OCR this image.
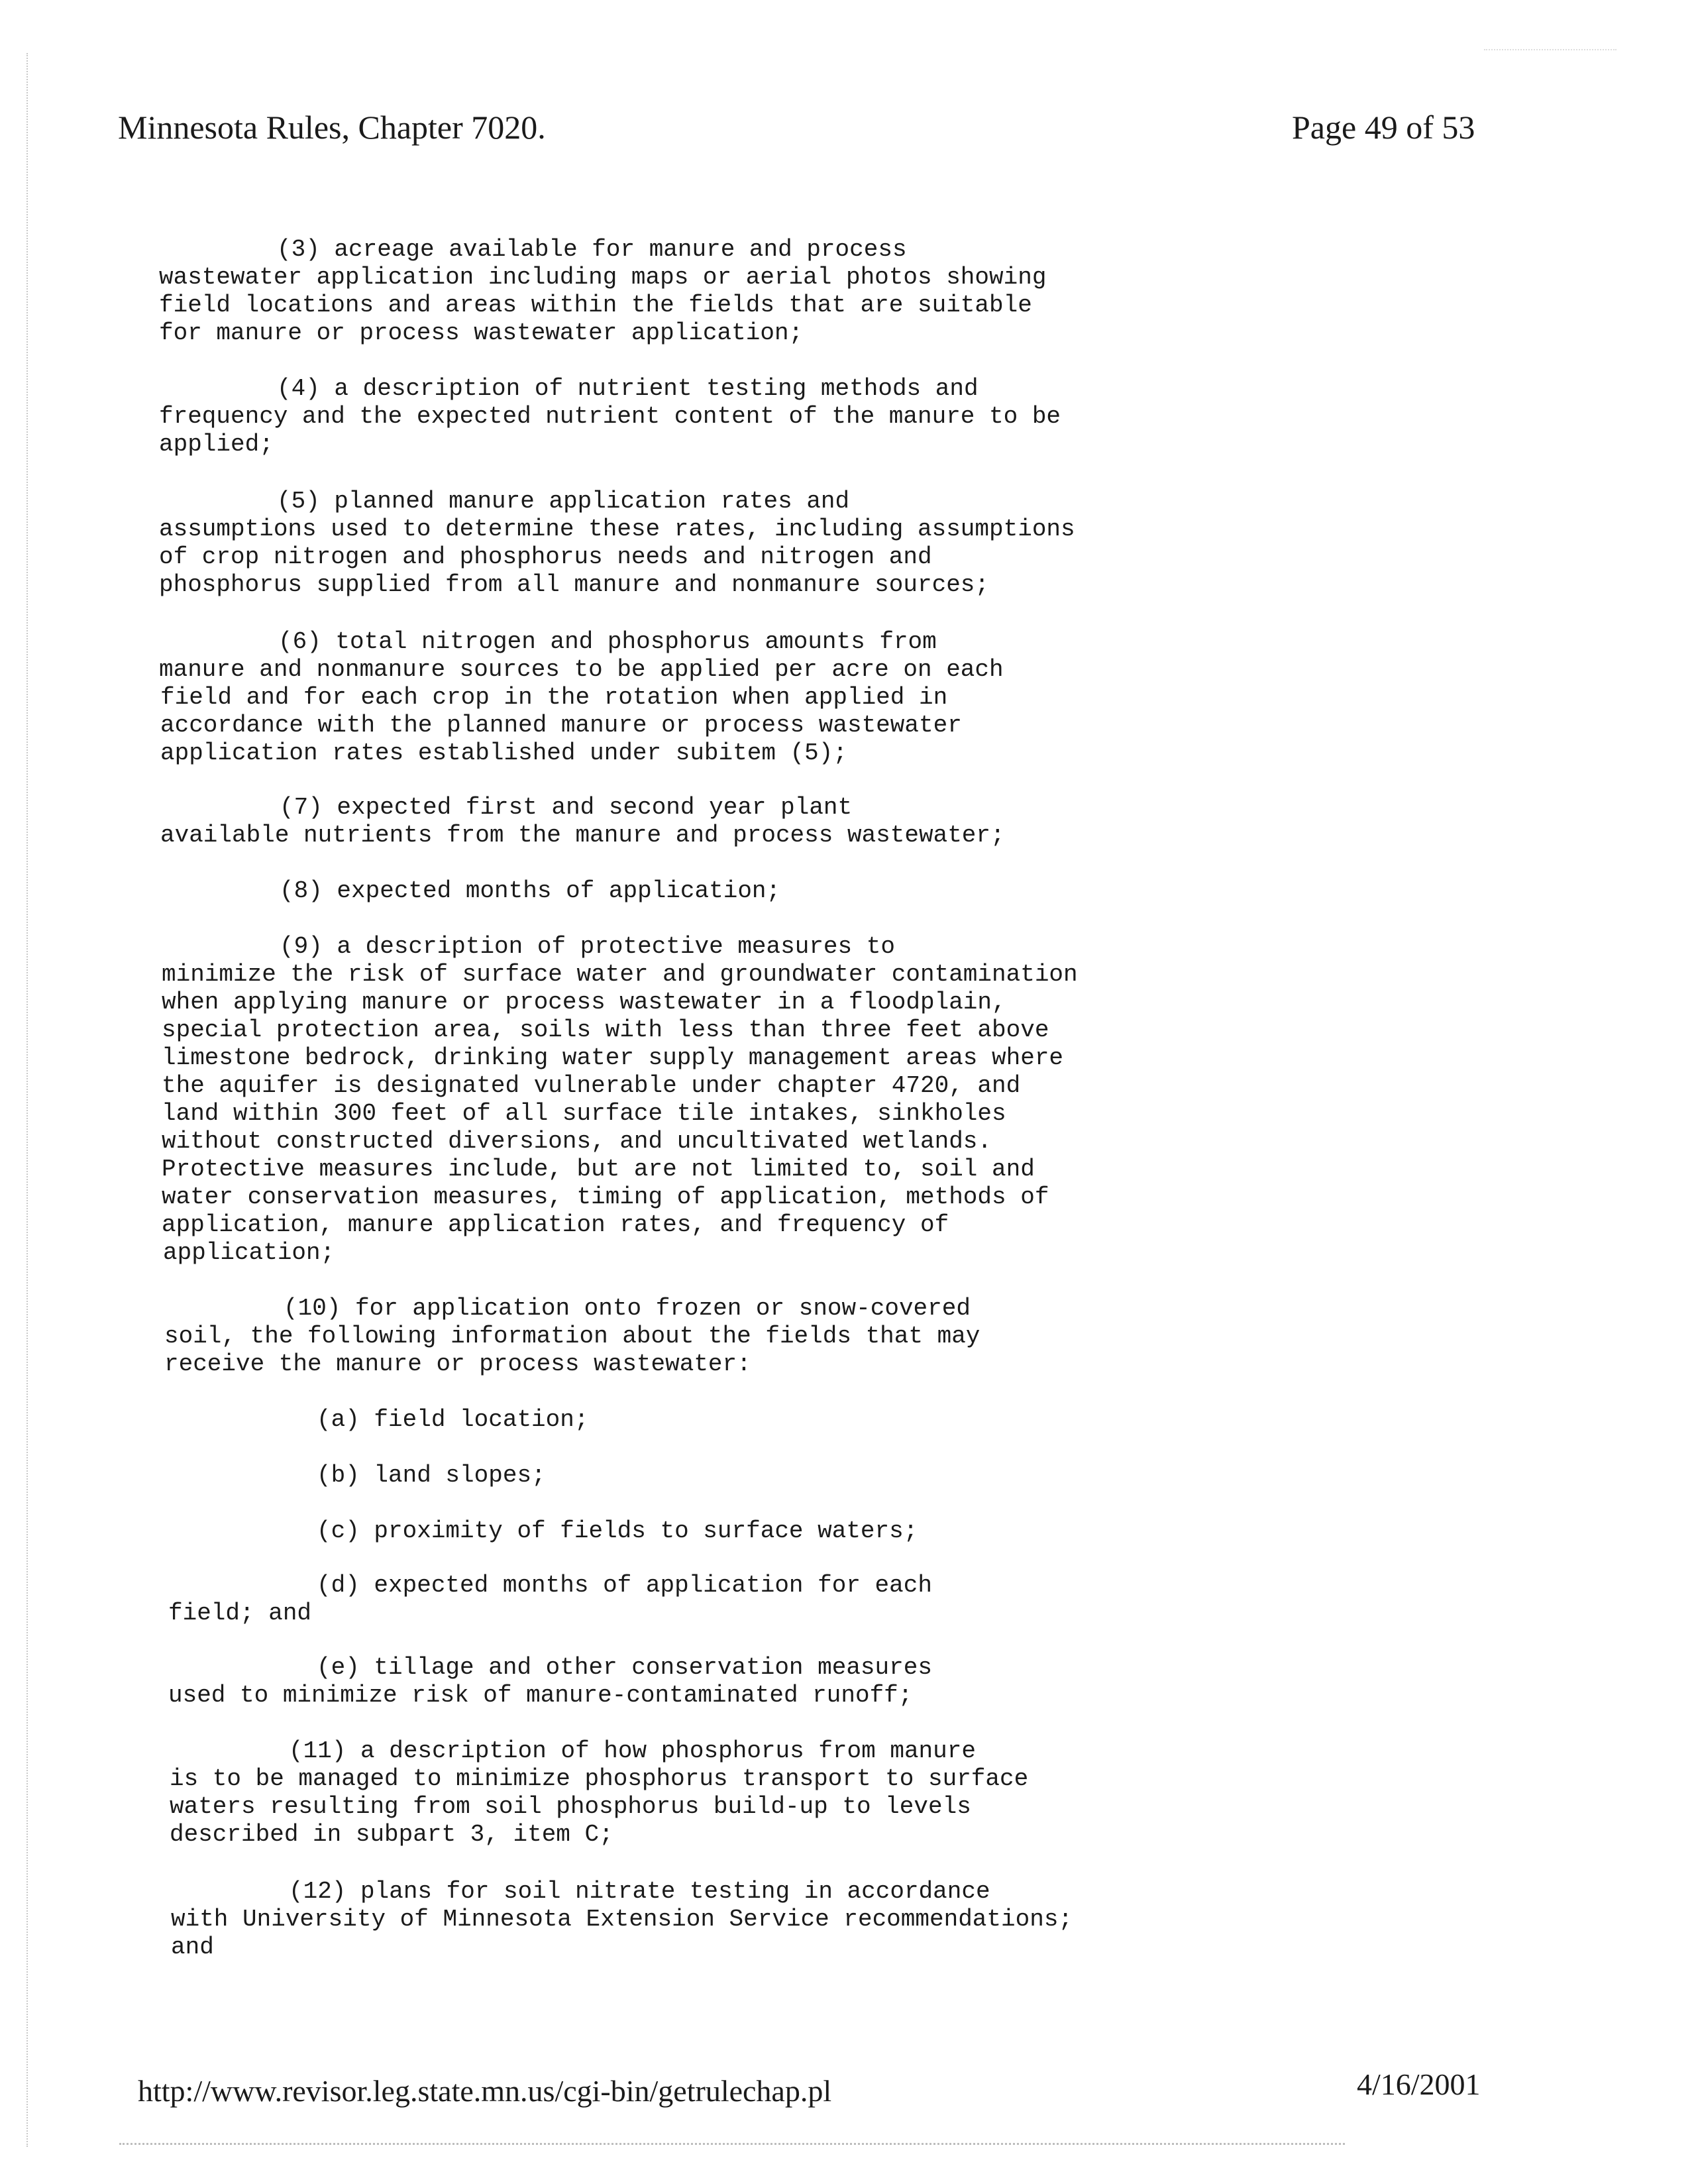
Minnesota Rules, Chapter 7020.	Page 49 of 53
(3) acreage available for manure and process
wastewater application including maps or aerial photos showing
field locations and areas within the fields that are suitable
for manure or process wastewater application;
(4) a description of nutrient testing methods and
frequency and the expected nutrient content of the manure to be
applied;
(5) planned manure application rates and
assumptions used to determine these rates, including assumptions
of crop nitrogen and phosphorus needs and nitrogen and
phosphorus supplied from all manure and nonmanure sources;
(6) total nitrogen and phosphorus amounts from
manure and nonmanure sources to be applied per acre on each
field and for each crop in the rotation when applied in
accordance with the planned manure or process wastewater
application rates established under subitem (5);
(7) expected first and second year plant
available nutrients from the manure and process wastewater;
(8) expected months of application;
(9) a description of protective measures to
minimize the risk of surface water and groundwater contamination
when applying manure or process wastewater in a floodplain,
special protection area, soils with less than three feet above
limestone bedrock, drinking water supply management areas where
the aquifer is designated vulnerable under chapter 4720, and
land within 300 feet of all surface tile intakes, sinkholes
without constructed diversions, and uncultivated wetlands.
Protective measures include, but are not limited to, soil and
water conservation measures, timing of application, methods of
application, manure application rates, and frequency of
application;
(10) for application onto frozen or snow-covered
soil, the following information about the fields that may
receive the manure or process wastewater:
(a) field location;
(b) land slopes;
(c) proximity of fields to surface waters;
(d) expected months of application for each
field; and
(e) tillage and other conservation measures
used to minimize risk of manure-contaminated runoff;
(11) a description of how phosphorus from manure
is to be managed to minimize phosphorus transport to surface
waters resulting from soil phosphorus build-up to levels
described in subpart 3, item C;
(12) plans for soil nitrate testing in accordance
with University of Minnesota Extension Service recommendations;
and
http://www.revisor.leg.state.mn.us/cgi-bin/getrulechap.pl	4/16/2001
